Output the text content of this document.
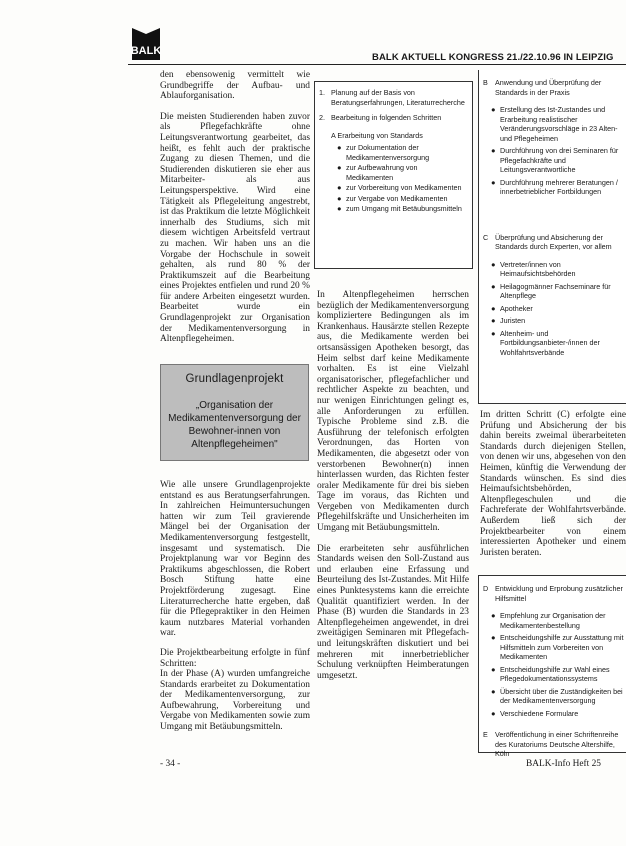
BALK
BALK AKTUELL KONGRESS 21./22.10.96 IN LEIPZIG

den ebensowenig vermittelt wie Grundbegriffe der Aufbau- und Ablauforganisation.

Die meisten Studierenden haben zuvor als Pflegefachkräfte ohne Leitungsverantwortung gearbeitet, das heißt, es fehlt auch der praktische Zugang zu diesen Themen, und die Studierenden diskutieren sie eher aus Mitarbeiter- als aus Leitungsperspektive. Wird eine Tätigkeit als Pflegeleitung angestrebt, ist das Praktikum die letzte Möglichkeit innerhalb des Studiums, sich mit diesem wichtigen Arbeitsfeld vertraut zu machen. Wir haben uns an die Vorgabe der Hochschule in soweit gehalten, als rund 80 % der Praktikumszeit auf die Bearbeitung eines Projektes entfielen und rund 20 % für andere Arbeiten eingesetzt wurden. Bearbeitet wurde ein Grundlagenprojekt zur Organisation der Medikamentenversorgung in Altenpflegeheimen.

Grundlagenprojekt
„Organisation der Medikamentenversorgung der Bewohner-innen von Altenpflegeheimen"

Wie alle unsere Grundlagenprojekte entstand es aus Beratungserfahrungen. In zahlreichen Heimuntersuchungen hatten wir zum Teil gravierende Mängel bei der Organisation der Medikamentenversorgung festgestellt, insgesamt und systematisch. Die Projektplanung war vor Beginn des Praktikums abgeschlossen, die Robert Bosch Stiftung hatte eine Projektförderung zugesagt. Eine Literaturrecherche hatte ergeben, daß für die Pflegepraktiker in den Heimen kaum nutzbares Material vorhanden war.

Die Projektbearbeitung erfolgte in fünf Schritten:

In der Phase (A) wurden umfangreiche Standards erarbeitet zu Dokumentation der Medikamentenversorgung, zur Aufbewahrung, Vorbereitung und Vergabe von Medikamenten sowie zum Umgang mit Betäubungsmitteln.

1. Planung auf der Basis von Beratungserfahrungen, Literaturrecherche
2. Bearbeitung in folgenden Schritten
A Erarbeitung von Standards
● zur Dokumentation der Medikamentenversorgung
● zur Aufbewahrung von Medikamenten
● zur Vorbereitung von Medikamenten
● zur Vergabe von Medikamenten
● zum Umgang mit Betäubungsmitteln

In Altenpflegeheimen herrschen bezüglich der Medikamentenversorgung kompliziertere Bedingungen als im Krankenhaus. Hausärzte stellen Rezepte aus, die Medikamente werden bei ortsansässigen Apotheken besorgt, das Heim selbst darf keine Medikamente vorhalten. Es ist eine Vielzahl organisatorischer, pflegefachlicher und rechtlicher Aspekte zu beachten, und nur wenigen Einrichtungen gelingt es, alle Anforderungen zu erfüllen. Typische Probleme sind z.B. die Ausführung der telefonisch erfolgten Verordnungen, das Horten von Medikamenten, die abgesetzt oder von verstorbenen Bewohner(n) innen hinterlassen wurden, das Richten fester oraler Medikamente für drei bis sieben Tage im voraus, das Richten und Vergeben von Medikamenten durch Pflegehilfskräfte und Unsicherheiten im Umgang mit Betäubungsmitteln.

Die erarbeiteten sehr ausführlichen Standards weisen den Soll-Zustand aus und erlauben eine Erfassung und Beurteilung des Ist-Zustandes. Mit Hilfe eines Punktesystems kann die erreichte Qualität quantifiziert werden. In der Phase (B) wurden die Standards in 23 Altenpflegeheimen angewendet, in drei zweitägigen Seminaren mit Pflegefach- und leitungskräften diskutiert und bei mehreren mit innerbetrieblicher Schulung verknüpften Heimberatungen umgesetzt.

B Anwendung und Überprüfung der Standards in der Praxis
● Erstellung des Ist-Zustandes und Erarbeitung realistischer Veränderungsvorschläge in 23 Alten- und Pflegeheimen
● Durchführung von drei Seminaren für Pflegefachkräfte und Leitungsverantwortliche
● Durchführung mehrerer Beratungen / innerbetrieblicher Fortbildungen
C Überprüfung und Absicherung der Standards durch Experten, vor allem
● Vertreter/innen von Heimaufsichtsbehörden
● Heilagogmänner Fachseminare für Altenpflege
● Apotheker
● Juristen
● Altenheim- und Fortbildungsanbieter-/innen der Wohlfahrtsverbände
Im dritten Schritt (C) erfolgte eine Prüfung und Absicherung der bis dahin bereits zweimal überarbeiteten Standards durch diejenigen Stellen, von denen wir uns, abgesehen von den Heimen, künftig die Verwendung der Standards wünschen. Es sind dies Heimaufsichtsbehörden, Altenpflegeschulen und die Fachreferate der Wohlfahrtsverbände. Außerdem ließ sich der Projektbearbeiter von einem interessierten Apotheker und einem Juristen beraten.
D Entwicklung und Erprobung zusätzlicher Hilfsmittel
● Empfehlung zur Organisation der Medikamentenbestellung
● Entscheidungshilfe zur Ausstattung mit Hilfsmitteln zum Vorbereiten von Medikamenten
● Entscheidungshilfe zur Wahl eines Pflegedokumentationssystems
● Übersicht über die Zuständigkeiten bei der Medikamentenversorgung
● Verschiedene Formulare
E Veröffentlichung in einer Schriftenreihe des Kuratoriums Deutsche Altershilfe, Köln
- 34 -	BALK-Info Heft 25
